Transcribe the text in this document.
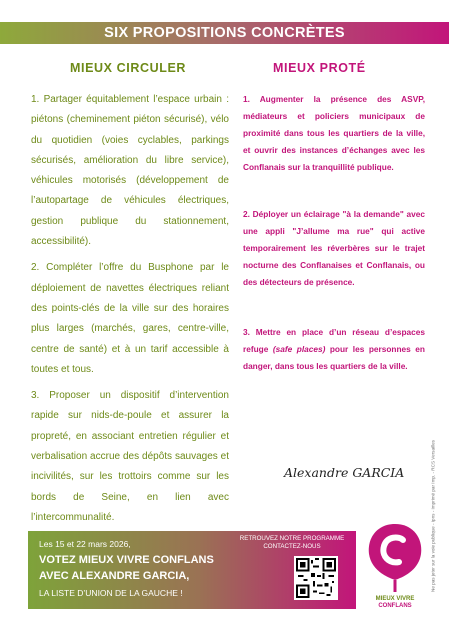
SIX PROPOSITIONS CONCRÈTES
MIEUX CIRCULER	MIEUX PROTÉ

1. Partager équitablement l’espace urbain : piétons (cheminement piéton sécurisé), vélo du quotidien (voies cyclables, parkings sécurisés, amélioration du libre service), véhicules motorisés (développement de l’autopartage de véhicules électriques, gestion publique du stationnement, accessibilité).

2. Compléter l’offre du Busphone par le déploiement de navettes électriques reliant des points-clés de la ville sur des horaires plus larges (marchés, gares, centre-ville, centre de santé) et à un tarif accessible à toutes et tous.

3. Proposer un dispositif d’intervention rapide sur nids-de-poule et assurer la propreté, en associant entretien régulier et verbalisation accrue des dépôts sauvages et incivilités, sur les trottoirs comme sur les bords de Seine, en lien avec l’intercommunalité.

1. Augmenter la présence des ASVP, médiateurs et policiers municipaux de proximité dans tous les quartiers de la ville, et ouvrir des instances d’échanges avec les Conflanais sur la tranquillité publique.

2. Déployer un éclairage "à la demande" avec une appli "J’allume ma rue" qui active temporairement les réverbères sur le trajet nocturne des Conflanaises et Conflanais, ou des détecteurs de présence.

3. Mettre en place d’un réseau d’espaces refuge (safe places) pour les personnes en danger, dans tous les quartiers de la ville.

Alexandre GARCIA
Les 15 et 22 mars 2026,
VOTEZ MIEUX VIVRE CONFLANS
AVEC ALEXANDRE GARCIA,
LA LISTE D’UNION DE LA GAUCHE !
RETROUVEZ NOTRE PROGRAMME
CONTACTEZ-NOUS
MIEUX VIVRE
CONFLANS
Ne pas jeter sur la voie publique - Ipns - Imprimé par Imp. - RCS Versailles
